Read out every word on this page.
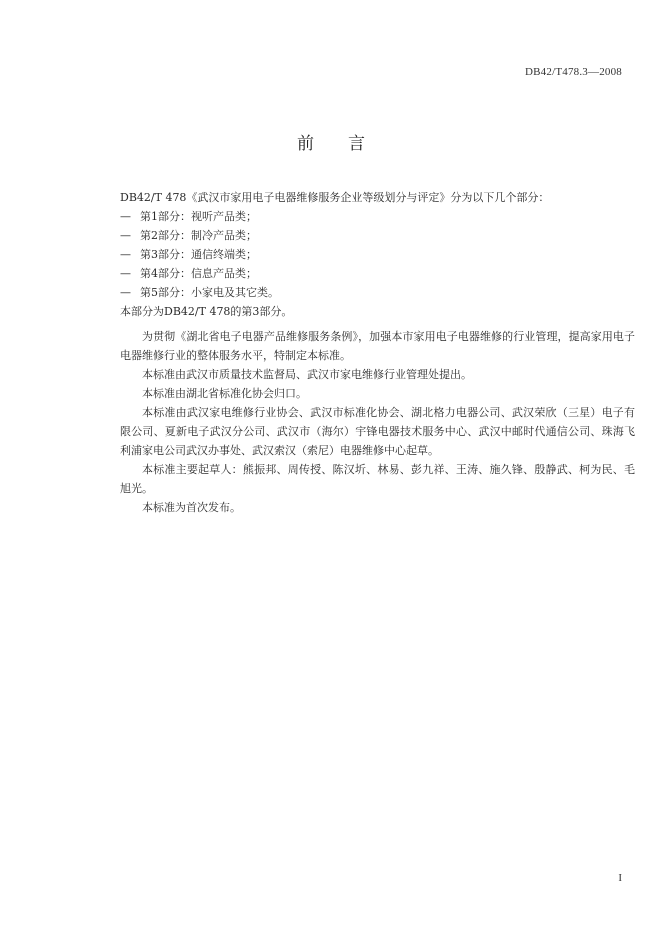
DB42/T478.3—2008
前言

DB42/T 478《武汉市家用电子电器维修服务企业等级划分与评定》分为以下几个部分：

— 第1部分：视听产品类；

— 第2部分：制冷产品类；

— 第3部分：通信终端类；

— 第4部分：信息产品类；

— 第5部分：小家电及其它类。

本部分为DB42/T 478的第3部分。

为贯彻《湖北省电子电器产品维修服务条例》，加强本市家用电子电器维修的行业管理，提高家用电子电器维修行业的整体服务水平，特制定本标准。

本标准由武汉市质量技术监督局、武汉市家电维修行业管理处提出。

本标准由湖北省标准化协会归口。

本标准由武汉家电维修行业协会、武汉市标准化协会、湖北格力电器公司、武汉荣欣（三星）电子有限公司、夏新电子武汉分公司、武汉市（海尔）宇锋电器技术服务中心、武汉中邮时代通信公司、珠海飞利浦家电公司武汉办事处、武汉索汉（索尼）电器维修中心起草。

本标准主要起草人：熊振邦、周传授、陈汉圻、林易、彭九祥、王涛、施久锋、殷静武、柯为民、毛旭光。

本标准为首次发布。

I
